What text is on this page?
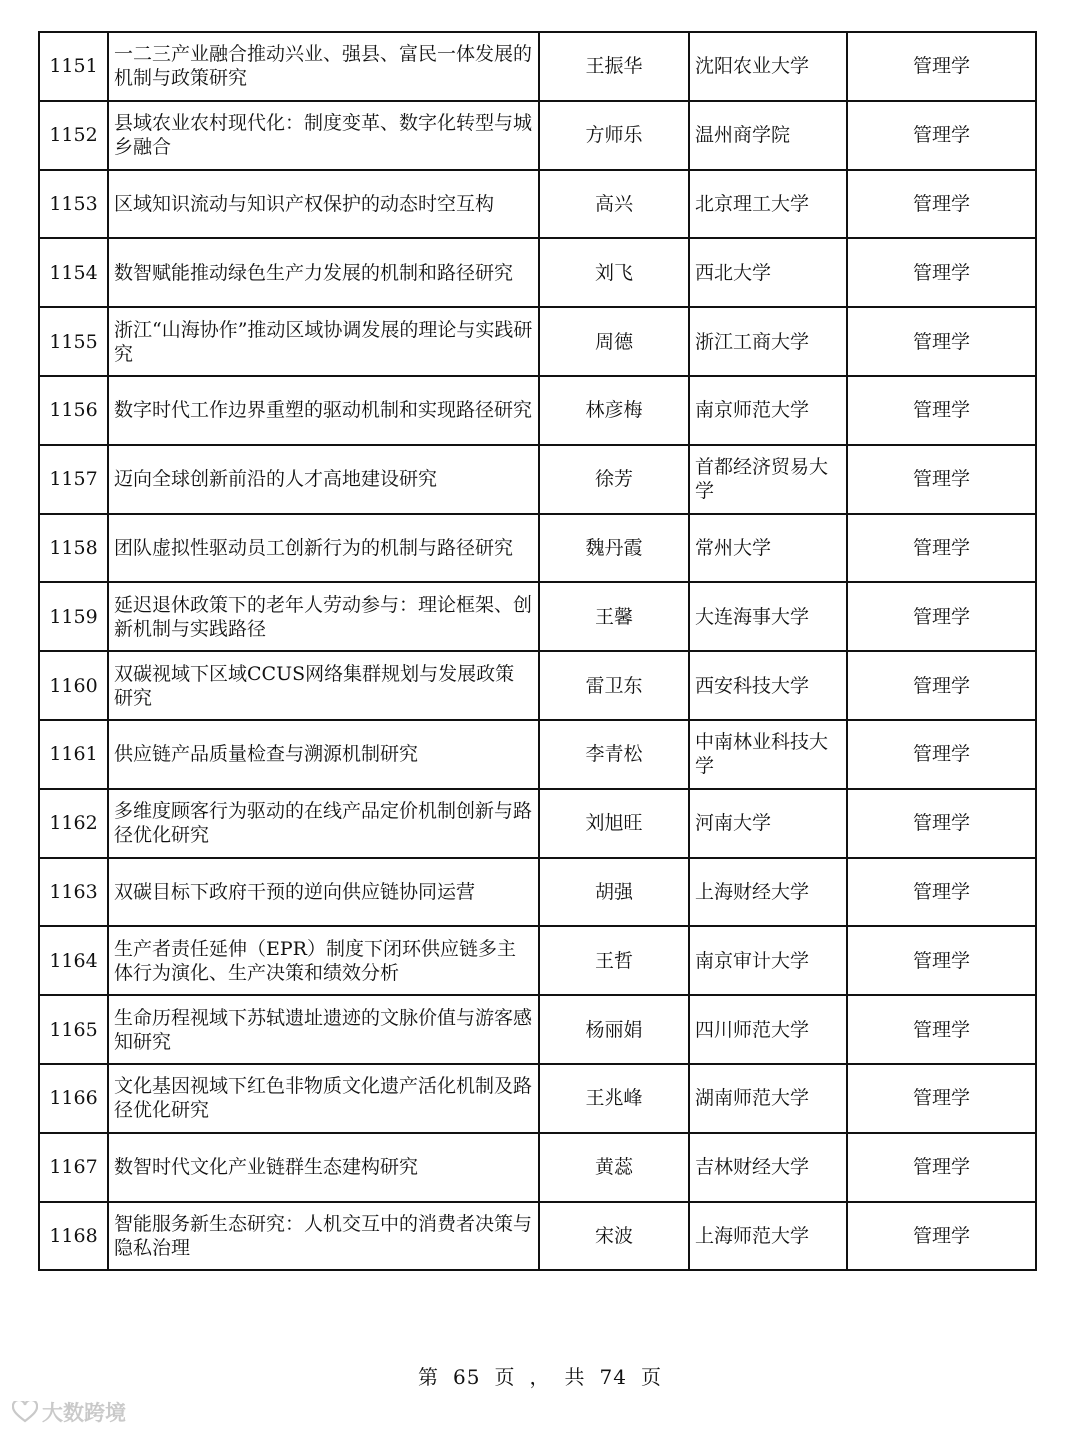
1151	一二三产业融合推动兴业、强县、富民一体发展的机制与政策研究	王振华	沈阳农业大学	管理学
1152	县域农业农村现代化：制度变革、数字化转型与城乡融合	方师乐	温州商学院	管理学
1153	区域知识流动与知识产权保护的动态时空互构	高兴	北京理工大学	管理学
1154	数智赋能推动绿色生产力发展的机制和路径研究	刘飞	西北大学	管理学
1155	浙江“山海协作”推动区域协调发展的理论与实践研究	周德	浙江工商大学	管理学
1156	数字时代工作边界重塑的驱动机制和实现路径研究	林彦梅	南京师范大学	管理学
1157	迈向全球创新前沿的人才高地建设研究	徐芳	首都经济贸易大学	管理学
1158	团队虚拟性驱动员工创新行为的机制与路径研究	魏丹霞	常州大学	管理学
1159	延迟退休政策下的老年人劳动参与：理论框架、创新机制与实践路径	王馨	大连海事大学	管理学
1160	双碳视域下区域CCUS网络集群规划与发展政策研究	雷卫东	西安科技大学	管理学
1161	供应链产品质量检查与溯源机制研究	李青松	中南林业科技大学	管理学
1162	多维度顾客行为驱动的在线产品定价机制创新与路径优化研究	刘旭旺	河南大学	管理学
1163	双碳目标下政府干预的逆向供应链协同运营	胡强	上海财经大学	管理学
1164	生产者责任延伸（EPR）制度下闭环供应链多主体行为演化、生产决策和绩效分析	王哲	南京审计大学	管理学
1165	生命历程视域下苏轼遗址遗迹的文脉价值与游客感知研究	杨丽娟	四川师范大学	管理学
1166	文化基因视域下红色非物质文化遗产活化机制及路径优化研究	王兆峰	湖南师范大学	管理学
1167	数智时代文化产业链群生态建构研究	黄蕊	吉林财经大学	管理学
1168	智能服务新生态研究：人机交互中的消费者决策与隐私治理	宋波	上海师范大学	管理学
第 65 页 ， 共 74 页
大数跨境
